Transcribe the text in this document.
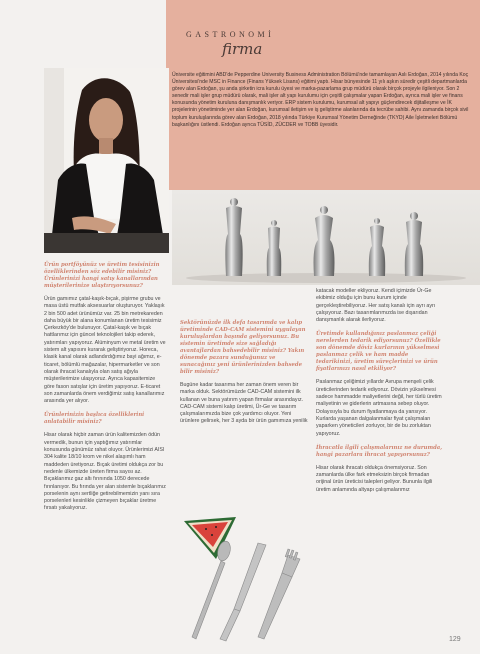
GASTRONOMİ
firma
Üniversite eğitimini ABD'de Pepperdine University Business Administration Bölümü'nde tamamlayan Aslı Erdoğan, 2014 yılında Koç Üniversitesi'nde MSC in Finance (Finans Yüksek Lisans) eğitimi yaptı. Hisar bünyesinde 11 yılı aşkın süredir çeşitli departmanlarda görev alan Erdoğan, şu anda şirketin icra kurulu üyesi ve marka-pazarlama grup müdürü olarak birçok projeyle ilgileniyor. Son 2 senedir mali işler grup müdürü olarak, mali işler alt yapı kurulumu için çeşitli çalışmalar yapan Erdoğan, ayrıca mali işler ve finans konusunda yönetim kuruluna danışmanlık veriyor. ERP sistem kurulumu, kurumsal alt yapıyı güçlendirecek dijitalleşme ve İK projelerinin yönetiminde yer alan Erdoğan, kurumsal iletişim ve iş geliştirme alanlarında da tecrübe sahibi. Aynı zamanda birçok sivil toplum kuruluşlarında görev alan Erdoğan, 2018 yılında Türkiye Kurumsal Yönetim Derneğinde (TKYD) Aile İşletmeleri Bölümü başkanlığını üstlendi. Erdoğan ayrıca TÜSİD, ZÜCDER ve TOBB üyesidir.
Ürün portföyünüz ve üretim tesisinizin özelliklerinden söz edebilir misiniz? Ürünlerinizi hangi satış kanallarından müşterilerinize ulaştırıyorsunuz?

Ürün gamımız çatal-kaşık-bıçak, pişirme grubu ve masa üstü mutfak aksesuarlar oluşturuyor. Yaklaşık 2 bin 500 adet ürünümüz var. 25 bin metrekareden daha büyük bir alana konumlanan üretim tesisimiz Çerkezköy'de bulunuyor. Çatal-kaşık ve bıçak hattlarımız için güncel teknolojileri takip ederek, yatırımları yapıyoruz. Alüminyum ve metal üretim ve sistem alt yapısını kurarak geliştiriyoruz. Horeca, klasik kanal olarak adlandırdığımız bayi ağımız, e-ticaret, bölümlü mağazalar, hipermarketler ve son olarak ihracat kanalıyla olan satış ağıyla müşterilerimize ulaşıyoruz. Ayrıca kapasitemize göre fason satışlar için üretim yapıyoruz. E-ticaret son zamanlarda önem verdiğimiz satış kanallarımız arasında yer alıyor.

Ürünlerinizin başlıca özelliklerini anlatabilir misiniz?

Hisar olarak hiçbir zaman ürün kalitemizden ödün vermedik, bunun için yaptığımız yatırımlar konusunda günümüz rahat oluyor. Ürünlerimizi AISI 304 kalite 18/10 krom ve nikel alaşımlı ham maddeden üretiyoruz. Bıçak üretimi oldukça zor bu nedenle ülkemizde üreten firma sayısı az. Bıçaklarımız gaz altı fırınında 1050 derecede fırınlanıyor. Bu fırında yer alan sistemle bıçaklarımız porselenin aynı sertliğe getirebilmemizin yanı sıra porselenleri kesinlikle çizmeyen bıçaklar üretme fırsatı yakalıyoruz.

Sektörünüzde ilk defa tasarımda ve kalıp üretiminde CAD-CAM sistemini uygulayan kuruluşlardan başında geliyorsunuz. Bu sistemin üretimde size sağladığı avantajlardan bahsedebilir misiniz? Yakın dönemde pazara sunduğunuz ve sunacağınız yeni ürünlerinizden bahsede bilir misiniz?

Bugüne kadar tasarıma her zaman önem veren bir marka olduk. Sektörümüzde CAD-CAM sistemini ilk kullanan ve buna yatırım yapan firmalar arasındayız. CAD-CAM sistemi kalıp üretimi, Ür-Ge ve tasarım çalışmalarımızda bize çok yardımcı oluyor. Yeni ürünlere gelirsek, her 3 ayda bir ürün gamımıza yenilik

katacak modeller ekliyoruz. Kendi içimizde Ür-Ge ekibimiz olduğu için bunu kurum içinde gerçekleştirebiliyoruz. Her satış kanalı için ayrı ayrı çalışıyoruz. Bazı tasarımlarımızda ise dışarıdan danışmanlık alarak ilerliyoruz.

Üretimde kullandığınız paslanmaz çeliği nerelerden tedarik ediyorsunuz? Özellikle son dönemde döviz kurlarının yükselmesi paslanmaz çelik ve ham madde tedarikinizi, üretim süreçlerinizi ve ürün fiyatlarınızı nasıl etkiliyor?

Paslanmaz çeliğimizi yıllardır Avrupa menşeli çelik üreticilerinden tedarik ediyoruz. Dövizin yükselmesi sadece hammadde maliyetlerini değil, her türlü üretim maliyetinin ve giderlerin artmasına sebep oluyor. Dolayısıyla bu durum fiyatlanmaya da yansıyor. Kurlarda yaşanan dalgalanmalar fiyat çalışmaları yaparken yöneticileri zorluyor, bir de bu zorluktan yapıyoruz.

İhracatla ilgili çalışmalarınız ne durumda, hangi pazarlara ihracat yapıyorsunuz?

Hisar olarak ihracatı oldukça önemsiyoruz. Son zamanlarda ülke fark etmeksizin birçok firmadan orijinal ürün üreticisi talepleri geliyor. Bununla ilgili üretim anlamında altyapı çalışmalarımız

129
